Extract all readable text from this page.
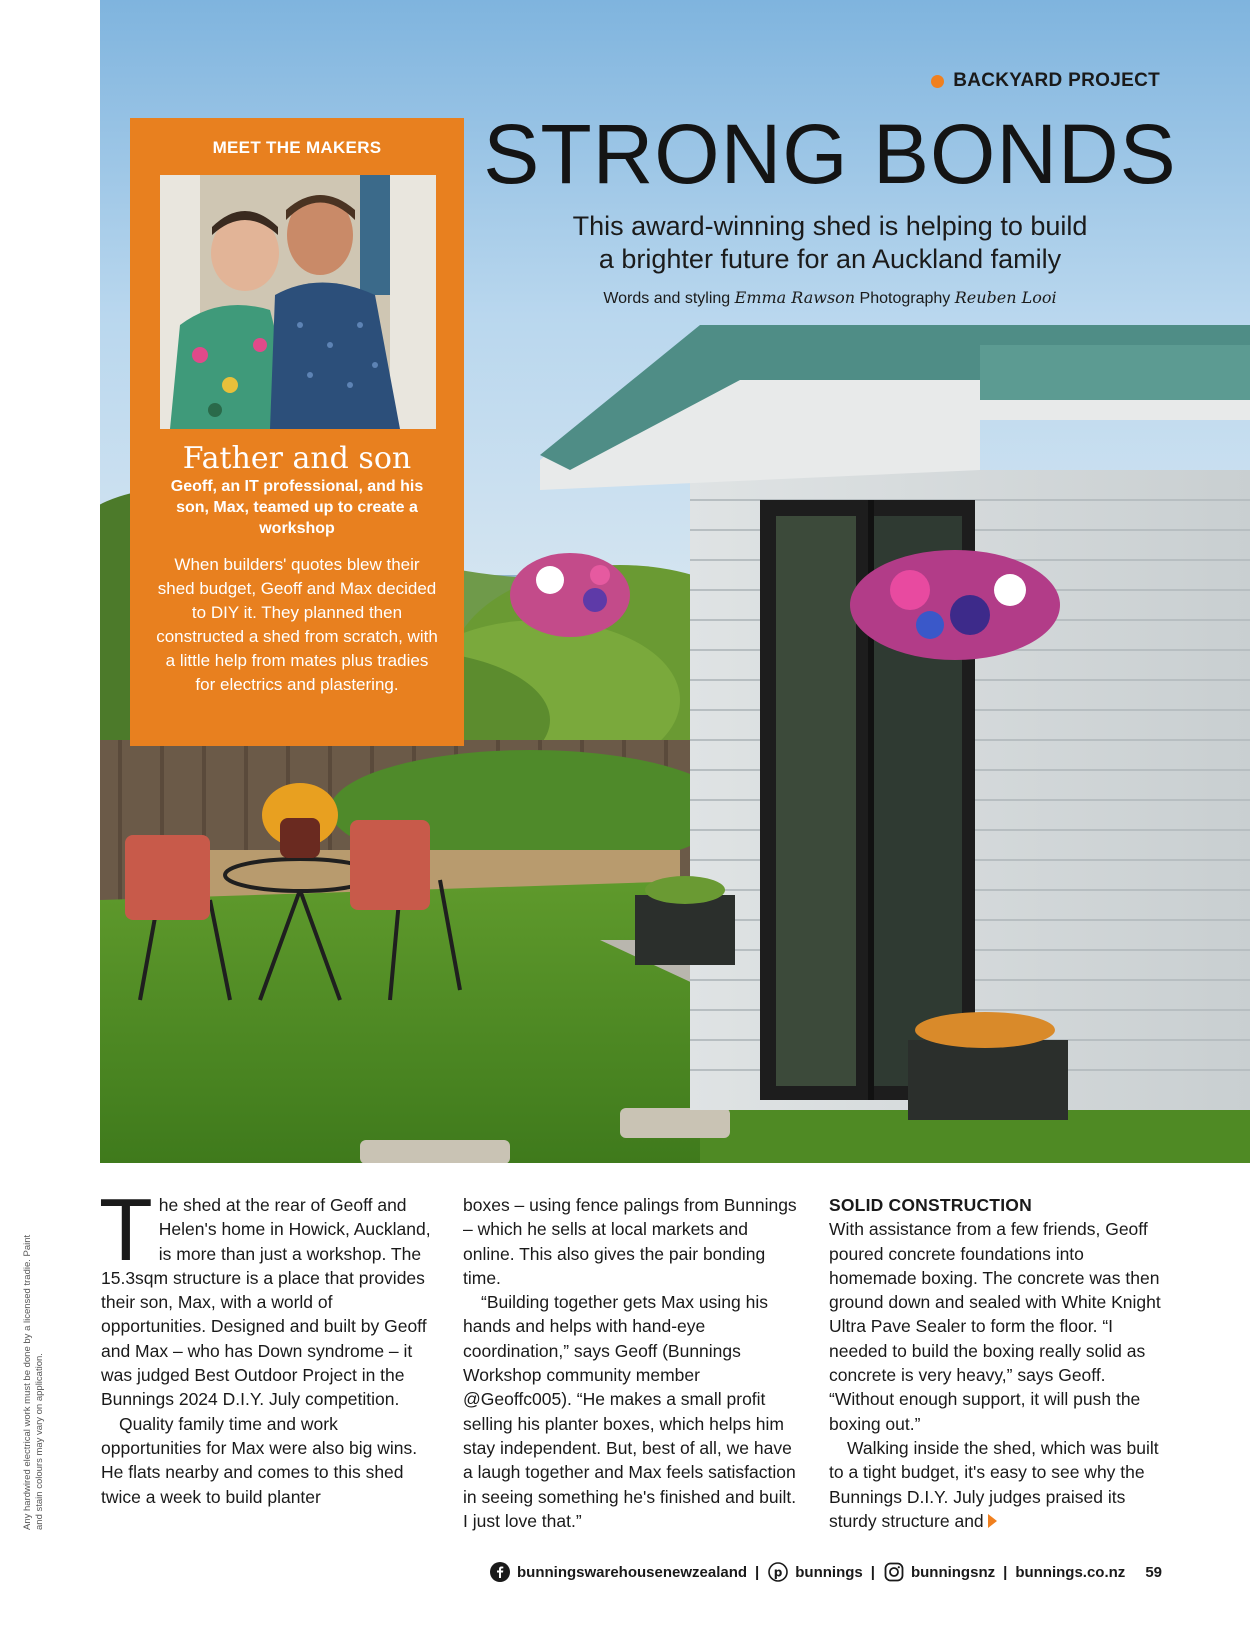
BACKYARD PROJECT
STRONG BONDS
This award-winning shed is helping to build
a brighter future for an Auckland family
Words and styling Emma Rawson Photography Reuben Looi
MEET THE MAKERS
Father and son
Geoff, an IT professional, and his son, Max, teamed up to create a workshop
When builders' quotes blew their shed budget, Geoff and Max decided to DIY it. They planned then constructed a shed from scratch, with a little help from mates plus tradies for electrics and plastering.

The shed at the rear of Geoff and Helen's home in Howick, Auckland, is more than just a workshop. The 15.3sqm structure is a place that provides their son, Max, with a world of opportunities. Designed and built by Geoff and Max – who has Down syndrome – it was judged Best Outdoor Project in the Bunnings 2024 D.I.Y. July competition.

Quality family time and work opportunities for Max were also big wins. He flats nearby and comes to this shed twice a week to build planter

boxes – using fence palings from Bunnings – which he sells at local markets and online. This also gives the pair bonding time.

“Building together gets Max using his hands and helps with hand-eye coordination,” says Geoff (Bunnings Workshop community member @Geoffc005). “He makes a small profit selling his planter boxes, which helps him stay independent. But, best of all, we have a laugh together and Max feels satisfaction in seeing something he's finished and built. I just love that.”

SOLID CONSTRUCTION

With assistance from a few friends, Geoff poured concrete foundations into homemade boxing. The concrete was then ground down and sealed with White Knight Ultra Pave Sealer to form the floor. “I needed to build the boxing really solid as concrete is very heavy,” says Geoff. “Without enough support, it will push the boxing out.”

Walking inside the shed, which was built to a tight budget, it's easy to see why the Bunnings D.I.Y. July judges praised its sturdy structure and

Any hardwired electrical work must be done by a licensed tradie. Paint and stain colours may vary on application.
bunningswarehousenewzealand | p bunnings | bunningsnz | bunnings.co.nz 59
